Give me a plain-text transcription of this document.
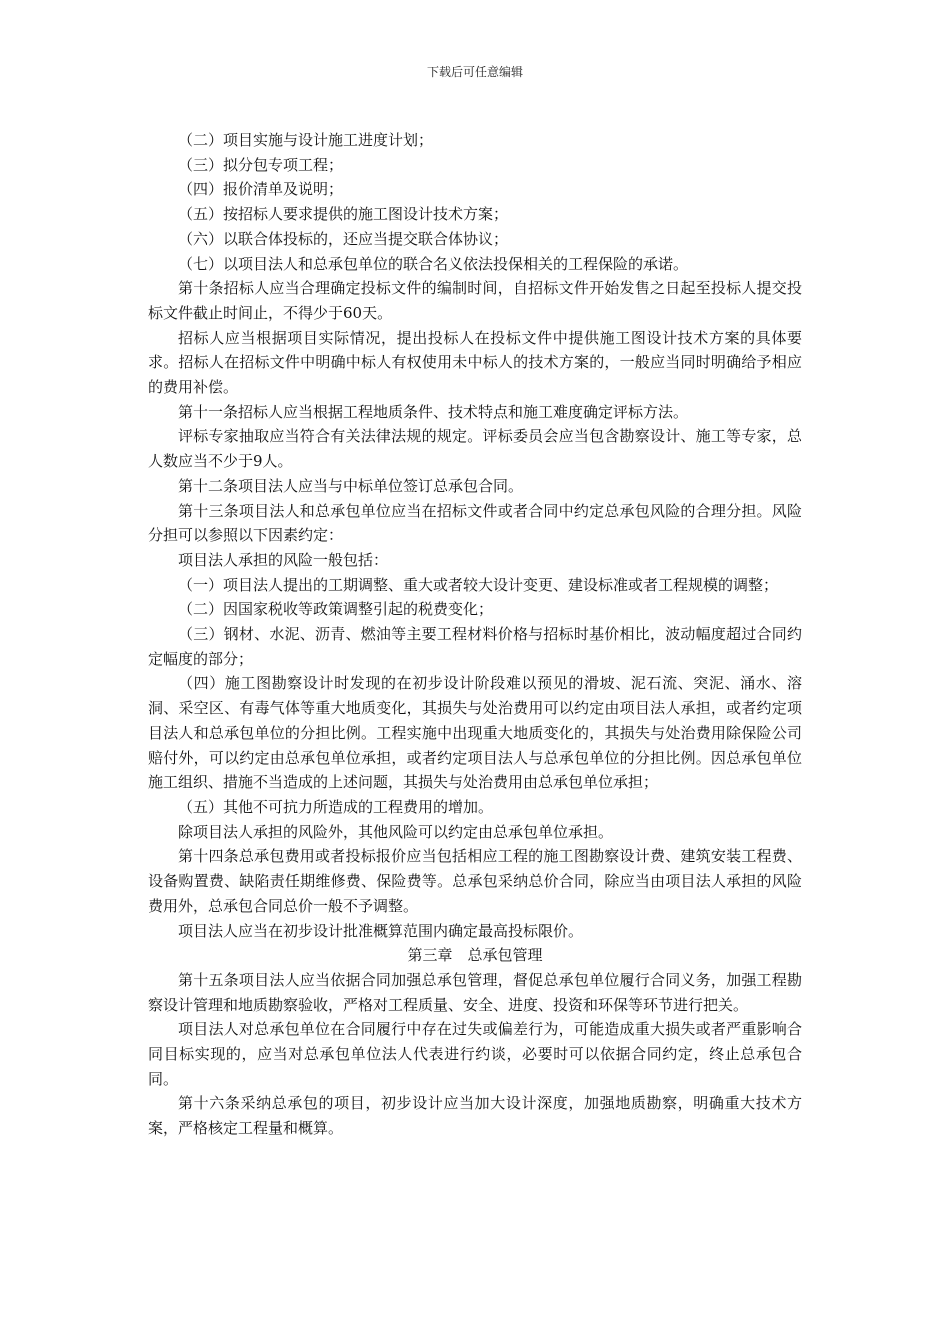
下载后可任意编辑

（二）项目实施与设计施工进度计划；

（三）拟分包专项工程；

（四）报价清单及说明；

（五）按招标人要求提供的施工图设计技术方案；

（六）以联合体投标的，还应当提交联合体协议；

（七）以项目法人和总承包单位的联合名义依法投保相关的工程保险的承诺。

第十条招标人应当合理确定投标文件的编制时间，自招标文件开始发售之日起至投标人提交投标文件截止时间止，不得少于60天。

招标人应当根据项目实际情况，提出投标人在投标文件中提供施工图设计技术方案的具体要求。招标人在招标文件中明确中标人有权使用未中标人的技术方案的，一般应当同时明确给予相应的费用补偿。

第十一条招标人应当根据工程地质条件、技术特点和施工难度确定评标方法。

评标专家抽取应当符合有关法律法规的规定。评标委员会应当包含勘察设计、施工等专家，总人数应当不少于9人。

第十二条项目法人应当与中标单位签订总承包合同。

第十三条项目法人和总承包单位应当在招标文件或者合同中约定总承包风险的合理分担。风险分担可以参照以下因素约定：

项目法人承担的风险一般包括：

（一）项目法人提出的工期调整、重大或者较大设计变更、建设标准或者工程规模的调整；

（二）因国家税收等政策调整引起的税费变化；

（三）钢材、水泥、沥青、燃油等主要工程材料价格与招标时基价相比，波动幅度超过合同约定幅度的部分；

（四）施工图勘察设计时发现的在初步设计阶段难以预见的滑坡、泥石流、突泥、涌水、溶洞、采空区、有毒气体等重大地质变化，其损失与处治费用可以约定由项目法人承担，或者约定项目法人和总承包单位的分担比例。工程实施中出现重大地质变化的，其损失与处治费用除保险公司赔付外，可以约定由总承包单位承担，或者约定项目法人与总承包单位的分担比例。因总承包单位施工组织、措施不当造成的上述问题，其损失与处治费用由总承包单位承担；

（五）其他不可抗力所造成的工程费用的增加。

除项目法人承担的风险外，其他风险可以约定由总承包单位承担。

第十四条总承包费用或者投标报价应当包括相应工程的施工图勘察设计费、建筑安装工程费、设备购置费、缺陷责任期维修费、保险费等。总承包采纳总价合同，除应当由项目法人承担的风险费用外，总承包合同总价一般不予调整。

项目法人应当在初步设计批准概算范围内确定最高投标限价。

第三章　总承包管理

第十五条项目法人应当依据合同加强总承包管理，督促总承包单位履行合同义务，加强工程勘察设计管理和地质勘察验收，严格对工程质量、安全、进度、投资和环保等环节进行把关。

项目法人对总承包单位在合同履行中存在过失或偏差行为，可能造成重大损失或者严重影响合同目标实现的，应当对总承包单位法人代表进行约谈，必要时可以依据合同约定，终止总承包合同。

第十六条采纳总承包的项目，初步设计应当加大设计深度，加强地质勘察，明确重大技术方案，严格核定工程量和概算。
